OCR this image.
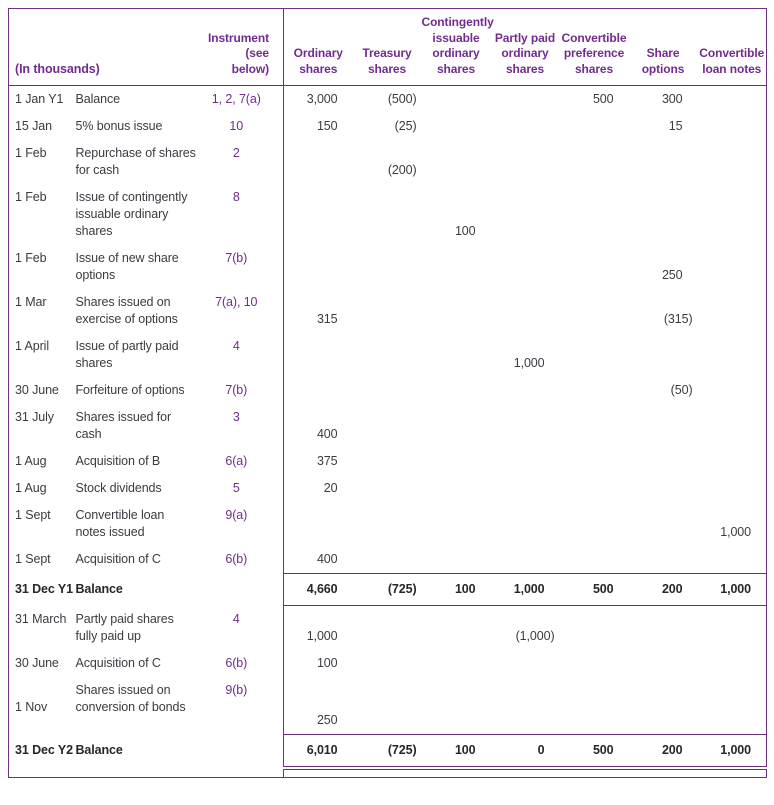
(In thousands)		Instrument
(see
below)	Ordinary
shares	Treasury
shares	Contingently
issuable
ordinary
shares	Partly paid
ordinary
shares	Convertible
preference
shares	Share
options	Convertible
loan notes
1 Jan Y1	Balance	1, 2, 7(a)	3,000	(500)			500	300	
15 Jan	5% bonus issue	10	150	(25)				15	
1 Feb	Repurchase of shares
for cash	2		(200)					
1 Feb	Issue of contingently
issuable ordinary
shares	8			100				
1 Feb	Issue of new share
options	7(b)						250	
1 Mar	Shares issued on
exercise of options	7(a), 10	315					(315)	
1 April	Issue of partly paid
shares	4				1,000			
30 June	Forfeiture of options	7(b)						(50)	
31 July	Shares issued for
cash	3	400						
1 Aug	Acquisition of B	6(a)	375						
1 Aug	Stock dividends	5	20						
1 Sept	Convertible loan
notes issued	9(a)							1,000
1 Sept	Acquisition of C	6(b)	400						
31 Dec Y1	Balance		4,660	(725)	100	1,000	500	200	1,000
31 March	Partly paid shares
fully paid up	4	1,000			(1,000)			
30 June	Acquisition of C	6(b)	100						

1 Nov	Shares issued on
conversion of bonds	9(b)	250						
31 Dec Y2	Balance		6,010	(725)	100	0	500	200	1,000
